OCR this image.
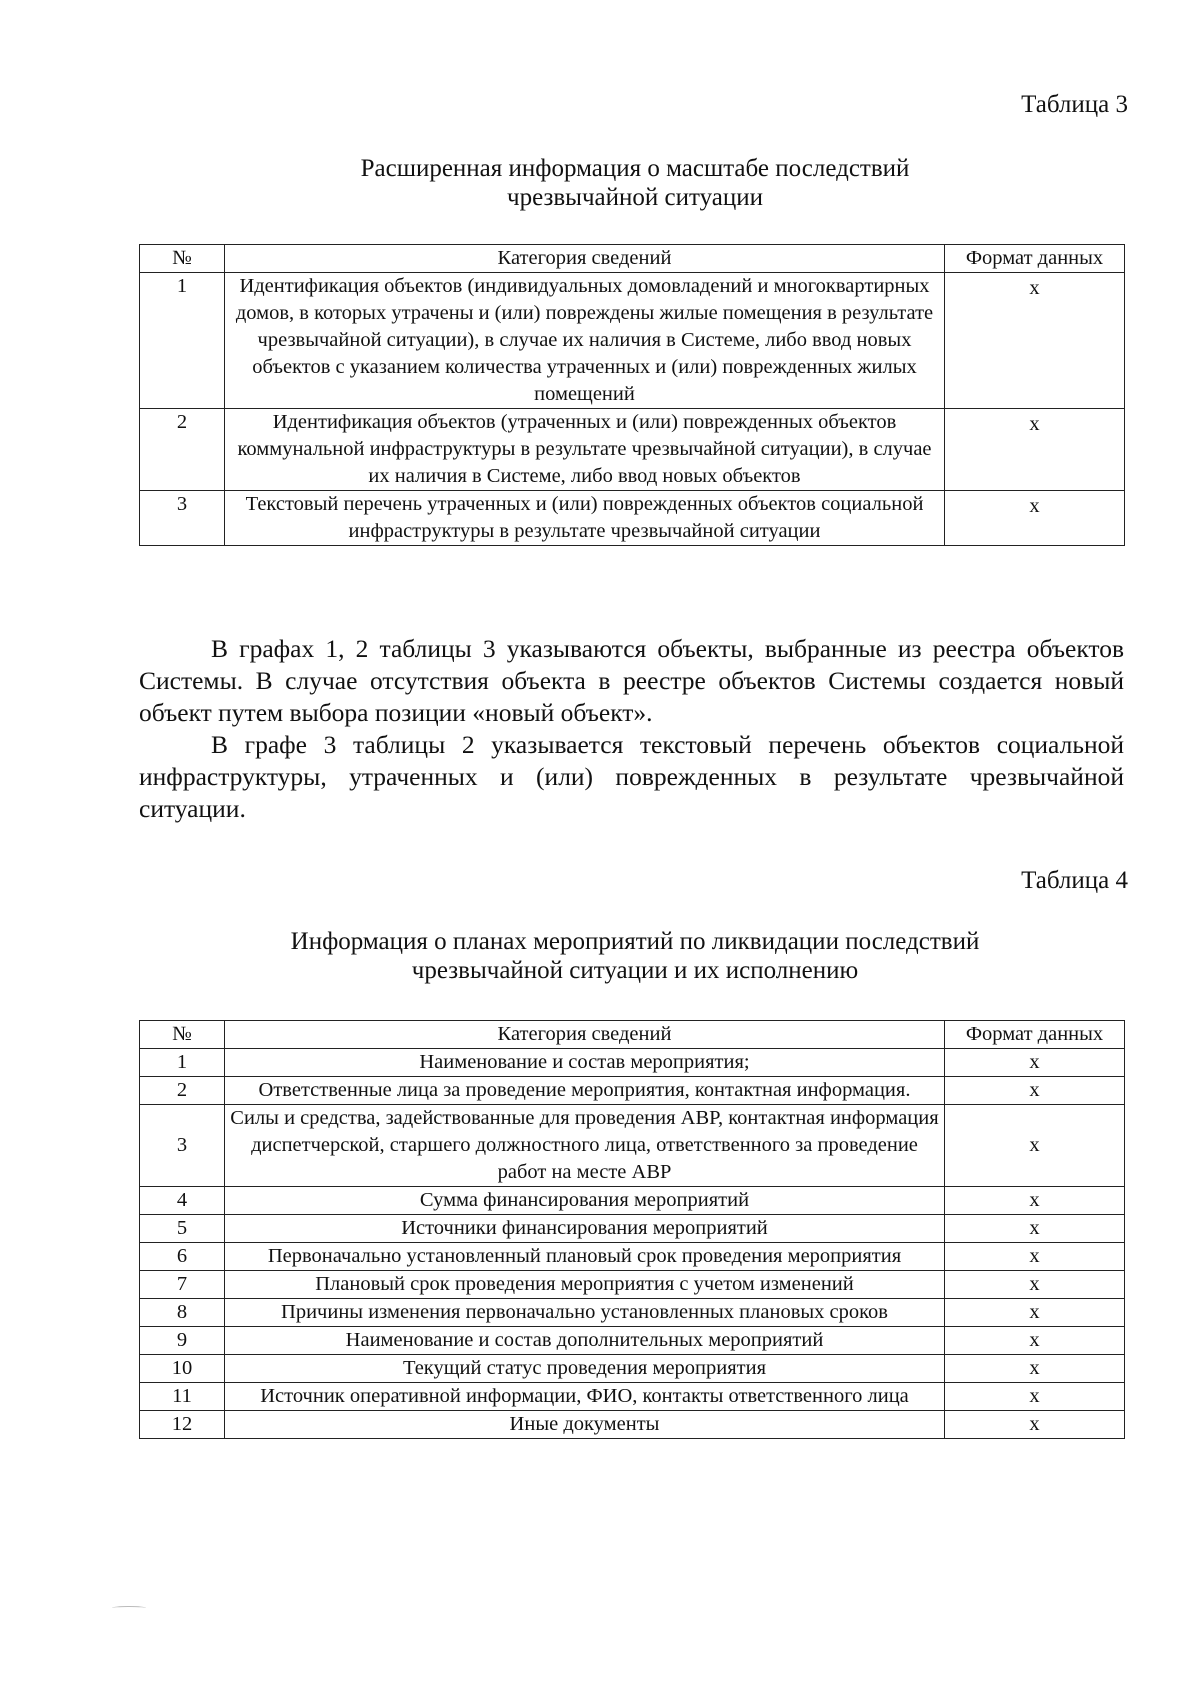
Таблица 3
Расширенная информация о масштабе последствий
чрезвычайной ситуации
№	Категория сведений	Формат данных
1	Идентификация объектов (индивидуальных домовладений и многоквартирных домов, в которых утрачены и (или) повреждены жилые помещения в результате чрезвычайной ситуации), в случае их наличия в Системе, либо ввод новых объектов с указанием количества утраченных и (или) поврежденных жилых помещений	x
2	Идентификация объектов (утраченных и (или) поврежденных объектов коммунальной инфраструктуры в результате чрезвычайной ситуации), в случае их наличия в Системе, либо ввод новых объектов	x
3	Текстовый перечень утраченных и (или) поврежденных объектов социальной инфраструктуры в результате чрезвычайной ситуации	x

В графах 1, 2 таблицы 3 указываются объекты, выбранные из реестра объектов Системы. В случае отсутствия объекта в реестре объектов Системы создается новый объект путем выбора позиции «новый объект».

В графе 3 таблицы 2 указывается текстовый перечень объектов социальной инфраструктуры, утраченных и (или) поврежденных в результате чрезвычайной ситуации.

Таблица 4
Информация о планах мероприятий по ликвидации последствий
чрезвычайной ситуации и их исполнению
№	Категория сведений	Формат данных
1	Наименование и состав мероприятия;	x
2	Ответственные лица за проведение мероприятия, контактная информация.	x
3	Силы и средства, задействованные для проведения АВР, контактная информация диспетчерской, старшего должностного лица, ответственного за проведение работ на месте АВР	x
4	Сумма финансирования мероприятий	x
5	Источники финансирования мероприятий	x
6	Первоначально установленный плановый срок проведения мероприятия	x
7	Плановый срок проведения мероприятия с учетом изменений	x
8	Причины изменения первоначально установленных плановых сроков	x
9	Наименование и состав дополнительных мероприятий	x
10	Текущий статус проведения мероприятия	x
11	Источник оперативной информации, ФИО, контакты ответственного лица	x
12	Иные документы	x
